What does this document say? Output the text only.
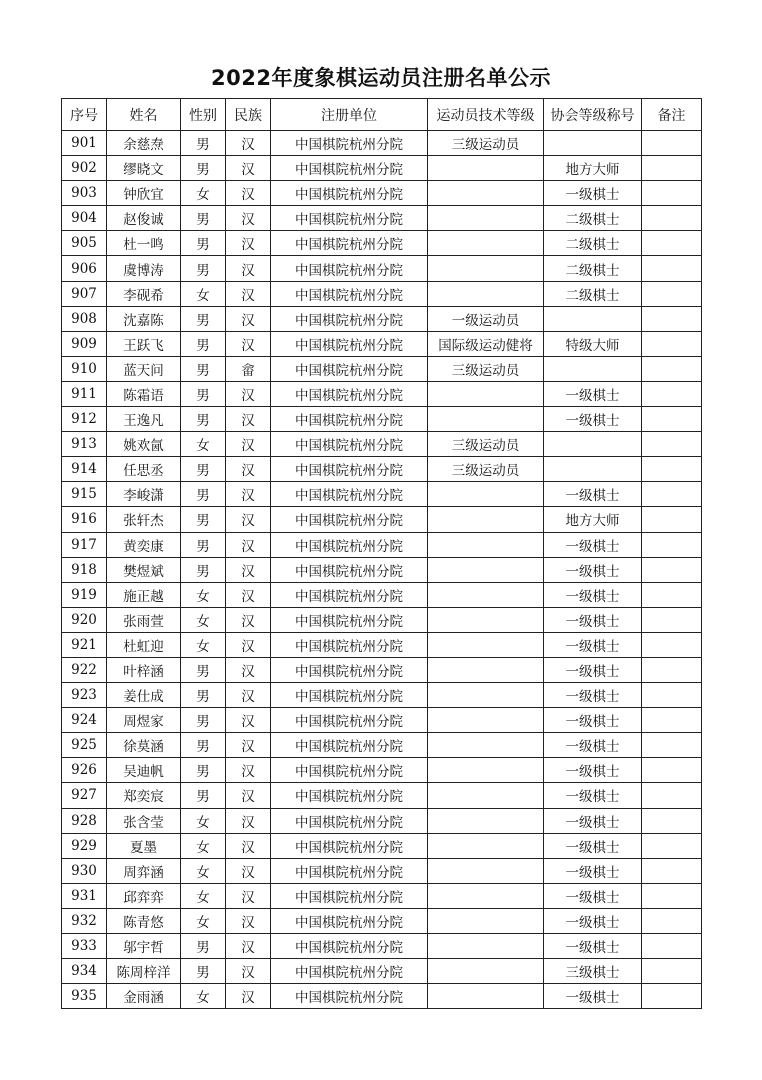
2022年度象棋运动员注册名单公示
序号	姓名	性别	民族	注册单位	运动员技术等级	协会等级称号	备注
901	余慈焘	男	汉	中国棋院杭州分院	三级运动员		
902	缪晓文	男	汉	中国棋院杭州分院		地方大师	
903	钟欣宜	女	汉	中国棋院杭州分院		一级棋士	
904	赵俊诚	男	汉	中国棋院杭州分院		二级棋士	
905	杜一鸣	男	汉	中国棋院杭州分院		二级棋士	
906	虞博涛	男	汉	中国棋院杭州分院		二级棋士	
907	李砚希	女	汉	中国棋院杭州分院		二级棋士	
908	沈嘉陈	男	汉	中国棋院杭州分院	一级运动员		
909	王跃飞	男	汉	中国棋院杭州分院	国际级运动健将	特级大师	
910	蓝天问	男	畲	中国棋院杭州分院	三级运动员		
911	陈霜语	男	汉	中国棋院杭州分院		一级棋士	
912	王逸凡	男	汉	中国棋院杭州分院		一级棋士	
913	姚欢氤	女	汉	中国棋院杭州分院	三级运动员		
914	任思丞	男	汉	中国棋院杭州分院	三级运动员		
915	李峻潇	男	汉	中国棋院杭州分院		一级棋士	
916	张轩杰	男	汉	中国棋院杭州分院		地方大师	
917	黄奕康	男	汉	中国棋院杭州分院		一级棋士	
918	樊煜斌	男	汉	中国棋院杭州分院		一级棋士	
919	施正越	女	汉	中国棋院杭州分院		一级棋士	
920	张雨萱	女	汉	中国棋院杭州分院		一级棋士	
921	杜虹迎	女	汉	中国棋院杭州分院		一级棋士	
922	叶梓涵	男	汉	中国棋院杭州分院		一级棋士	
923	姜仕成	男	汉	中国棋院杭州分院		一级棋士	
924	周煜家	男	汉	中国棋院杭州分院		一级棋士	
925	徐莫涵	男	汉	中国棋院杭州分院		一级棋士	
926	吴迪帆	男	汉	中国棋院杭州分院		一级棋士	
927	郑奕宸	男	汉	中国棋院杭州分院		一级棋士	
928	张含莹	女	汉	中国棋院杭州分院		一级棋士	
929	夏墨	女	汉	中国棋院杭州分院		一级棋士	
930	周弈涵	女	汉	中国棋院杭州分院		一级棋士	
931	邱弈弈	女	汉	中国棋院杭州分院		一级棋士	
932	陈青悠	女	汉	中国棋院杭州分院		一级棋士	
933	邬宇哲	男	汉	中国棋院杭州分院		一级棋士	
934	陈周梓洋	男	汉	中国棋院杭州分院		三级棋士	
935	金雨涵	女	汉	中国棋院杭州分院		一级棋士	
